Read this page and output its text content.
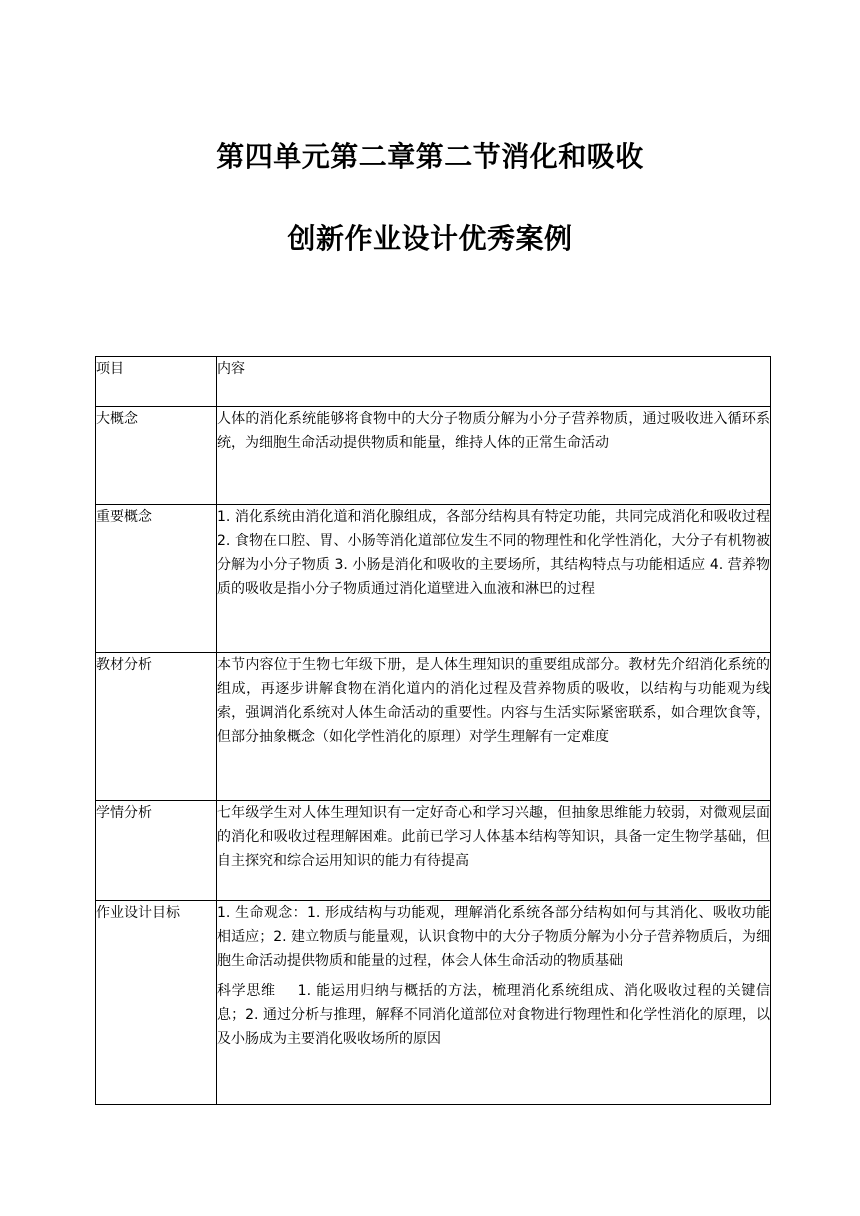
第四单元第二章第二节消化和吸收
创新作业设计优秀案例
项目	内容

大概念	人体的消化系统能够将食物中的大分子物质分解为小分子营养物质，通过吸收进入循环系统，为细胞生命活动提供物质和能量，维持人体的正常生命活动

重要概念	1. 消化系统由消化道和消化腺组成，各部分结构具有特定功能，共同完成消化和吸收过程 2. 食物在口腔、胃、小肠等消化道部位发生不同的物理性和化学性消化，大分子有机物被分解为小分子物质 3. 小肠是消化和吸收的主要场所，其结构特点与功能相适应 4. 营养物质的吸收是指小分子物质通过消化道壁进入血液和淋巴的过程

教材分析	本节内容位于生物七年级下册，是人体生理知识的重要组成部分。教材先介绍消化系统的组成，再逐步讲解食物在消化道内的消化过程及营养物质的吸收，以结构与功能观为线索，强调消化系统对人体生命活动的重要性。内容与生活实际紧密联系，如合理饮食等，但部分抽象概念（如化学性消化的原理）对学生理解有一定难度

学情分析	七年级学生对人体生理知识有一定好奇心和学习兴趣，但抽象思维能力较弱，对微观层面的消化和吸收过程理解困难。此前已学习人体基本结构等知识，具备一定生物学基础，但自主探究和综合运用知识的能力有待提高

作业设计目标	1. 生命观念：1. 形成结构与功能观，理解消化系统各部分结构如何与其消化、吸收功能相适应；2. 建立物质与能量观，认识食物中的大分子物质分解为小分子营养物质后，为细胞生命活动提供物质和能量的过程，体会人体生命活动的物质基础
科学思维 1. 能运用归纳与概括的方法，梳理消化系统组成、消化吸收过程的关键信息；2. 通过分析与推理，解释不同消化道部位对食物进行物理性和化学性消化的原理，以及小肠成为主要消化吸收场所的原因
